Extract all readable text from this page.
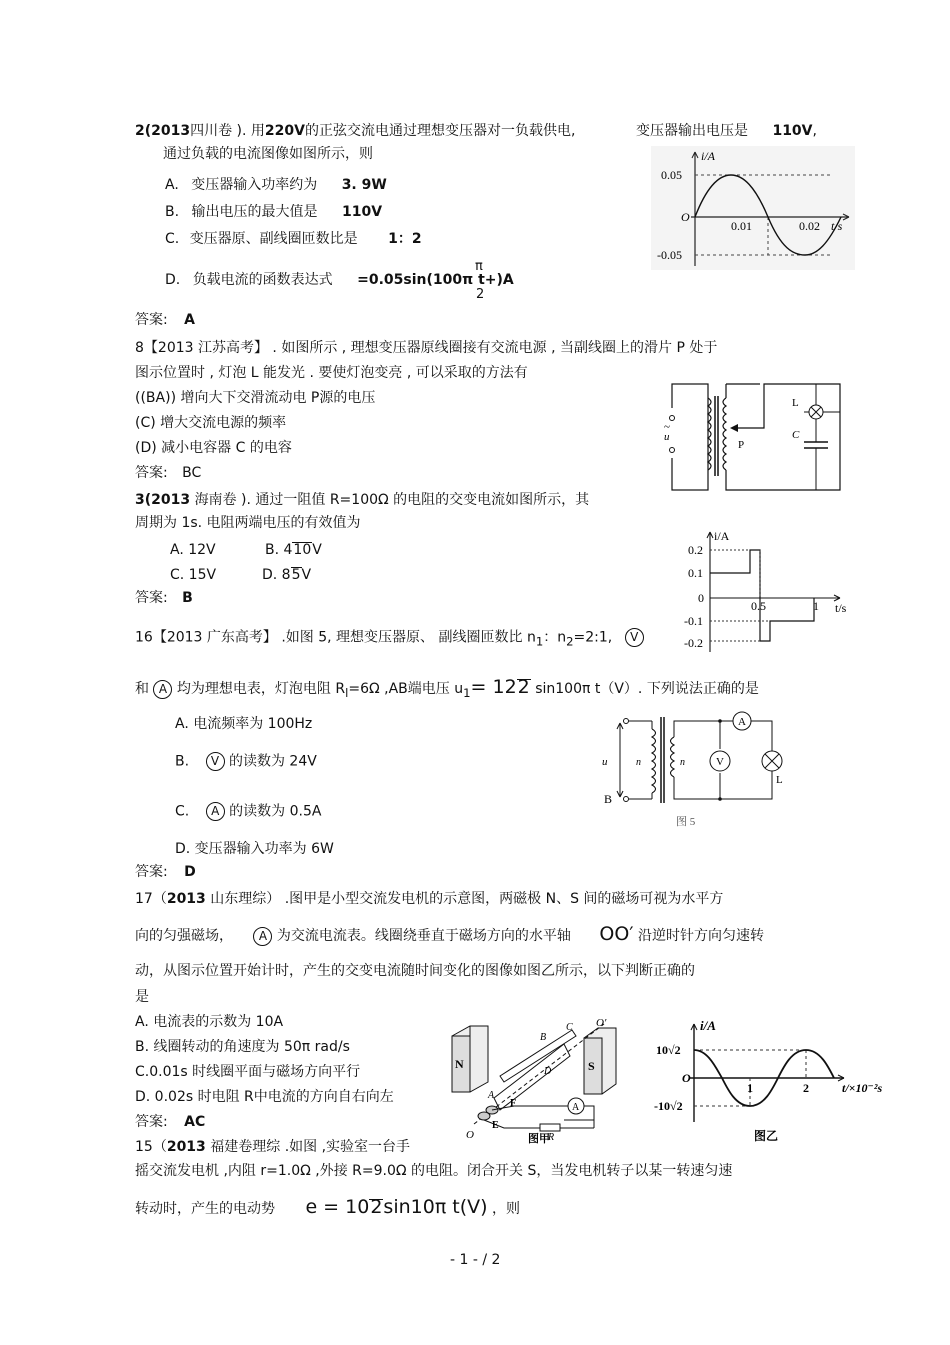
2(2013四川卷 ). 用220V的正弦交流电通过理想变压器对一负载供电,	变压器输出电压是 110V,
通过负载的电流图像如图所示，则
A. 变压器输入功率约为 3. 9W
B. 输出电压的最大值是 110V
C. 变压器原、副线圈匝数比是 1：2
D. 负载电流的函数表达式 =0.05sin(100π t+)A
π
2
答案: A
i/A
0.05
-0.05
O
0.01	0.02 t/s
8【2013 江苏高考】 . 如图所示 , 理想变压器原线圈接有交流电源 , 当副线圈上的滑片 P 处于
图示位置时 , 灯泡 L 能发光 . 要使灯泡变亮 , 可以采取的方法有
((BA)) 增向大下交滑流动电 P源的电压
(C) 增大交流电源的频率
(D) 减小电容器 C 的电容
答案: BC
u
~
P
L
C
3(2013 海南卷 ). 通过一阻值 R=100Ω 的电阻的交变电流如图所示，其
周期为 1s. 电阻两端电压的有效值为
A. 12V	B. 410V
C. 15V	D. 85V
答案: B
i/A
0.2
0.1
0
-0.1
-0.2
0.5	1 t/s
16【2013 广东高考】 .如图 5, 理想变压器原、 副线圈匝数比 $n_1$：$n_2=2:1$, V
和 A 均为理想电表，灯泡电阻 $R_l=6\Omega$ ,AB端电压 $u_1= 122$ sin100π t（V）. 下列说法正确的是
A. 电流频率为 100Hz
B. V 的读数为 24V
C. A 的读数为 0.5A
D. 变压器输入功率为 6W
答案: D
u
B
n	n
A
V
L
图 5
17（2013 山东理综） .图甲是小型交流发电机的示意图，两磁极 N、S 间的磁场可视为水平方
向的匀强磁场， A 为交流电流表。线圈绕垂直于磁场方向的水平轴 OO′ 沿逆时针方向匀速转
动，从图示位置开始计时，产生的交变电流随时间变化的图像如图乙所示，以下判断正确的
是
A. 电流表的示数为 10A
B. 线圈转动的角速度为 50π rad/s
C.0.01s 时线圈平面与磁场方向平行
D. 0.02s 时电阻 R中电流的方向自右向左
答案: AC
N	S
B
C
D
A
O′
O
A
R
F
E
图甲
i/A
10√2
-10√2
O
1	2	t/×10⁻²s
图乙
15（2013 福建卷理综 .如图 ,实验室一台手
摇交流发电机 ,内阻 r=1.0Ω ,外接 R=9.0Ω 的电阻。闭合开关 S，当发电机转子以某一转速匀速
转动时，产生的电动势 e = 102sin10π t(V) ，则
- 1 - / 2
